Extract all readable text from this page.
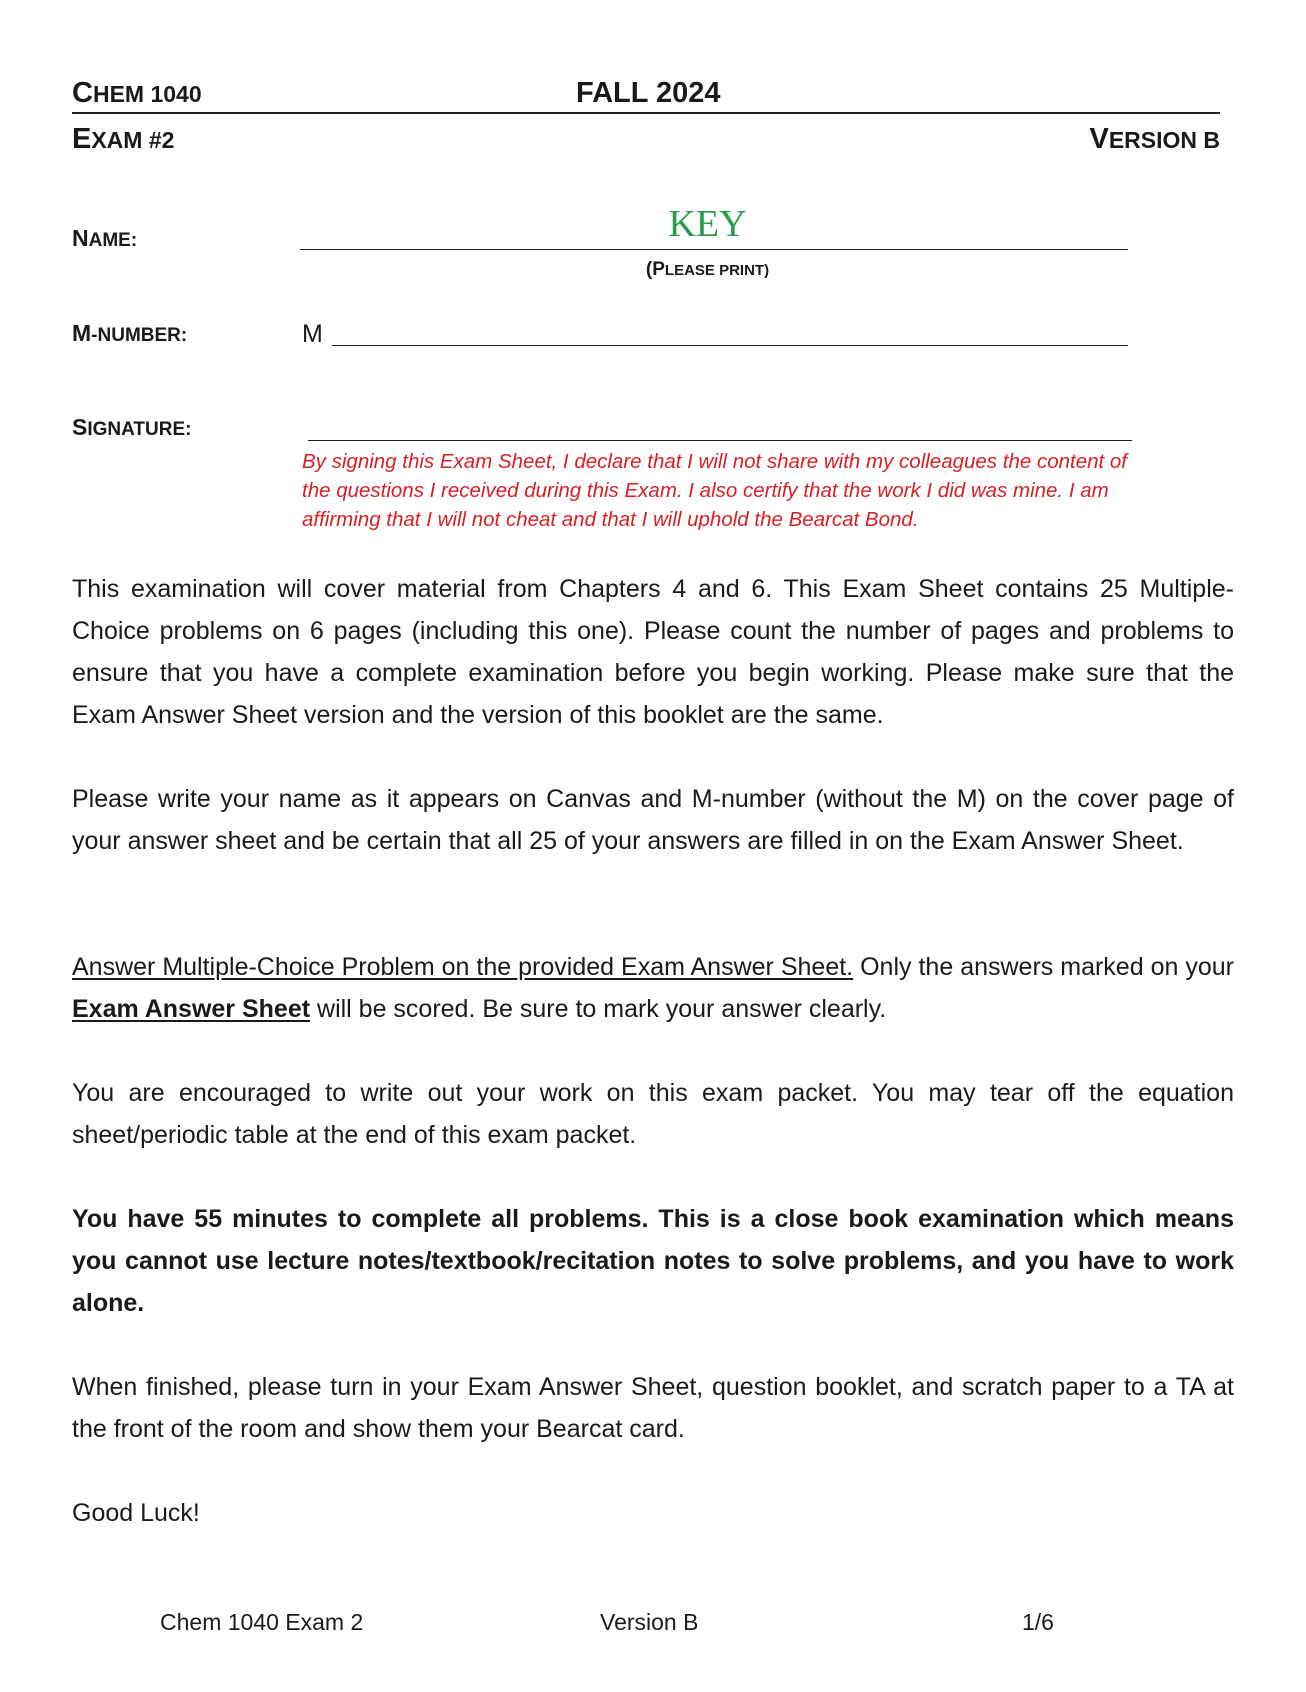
CHEM 1040	FALL 2024
EXAM #2	VERSION B
NAME:	KEY
(PLEASE PRINT)
M-NUMBER:	M
SIGNATURE:
By signing this Exam Sheet, I declare that I will not share with my colleagues the content of the questions I received during this Exam. I also certify that the work I did was mine. I am affirming that I will not cheat and that I will uphold the Bearcat Bond.
This examination will cover material from Chapters 4 and 6. This Exam Sheet contains 25 Multiple-Choice problems on 6 pages (including this one). Please count the number of pages and problems to ensure that you have a complete examination before you begin working. Please make sure that the Exam Answer Sheet version and the version of this booklet are the same.
Please write your name as it appears on Canvas and M-number (without the M) on the cover page of your answer sheet and be certain that all 25 of your answers are filled in on the Exam Answer Sheet.
Answer Multiple-Choice Problem on the provided Exam Answer Sheet. Only the answers marked on your Exam Answer Sheet will be scored. Be sure to mark your answer clearly.
You are encouraged to write out your work on this exam packet. You may tear off the equation sheet/periodic table at the end of this exam packet.
You have 55 minutes to complete all problems. This is a close book examination which means you cannot use lecture notes/textbook/recitation notes to solve problems, and you have to work alone.
When finished, please turn in your Exam Answer Sheet, question booklet, and scratch paper to a TA at the front of the room and show them your Bearcat card.
Good Luck!
Chem 1040 Exam 2	Version B	1/6
